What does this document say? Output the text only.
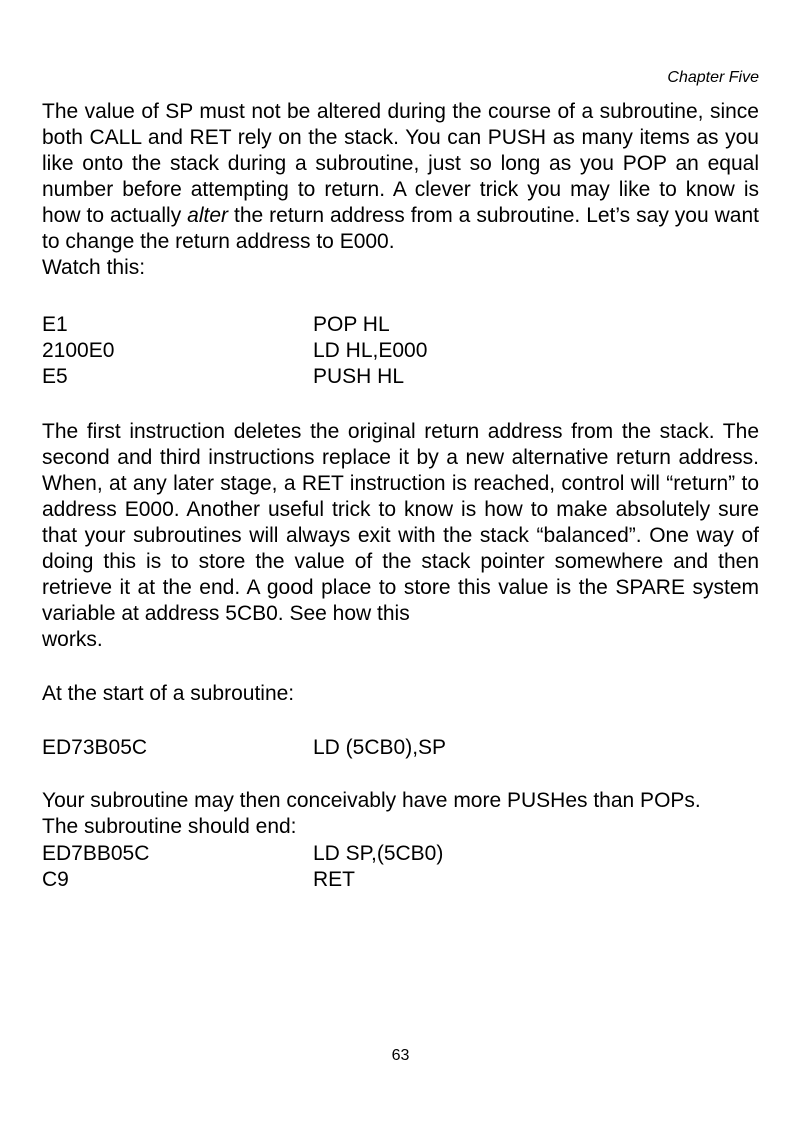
Chapter Five

The value of SP must not be altered during the course of a subroutine, since both CALL and RET rely on the stack. You can PUSH as many items as you like onto the stack during a subroutine, just so long as you POP an equal number before attempting to return. A clever trick you may like to know is how to actually alter the return address from a subroutine. Let’s say you want to change the return address to E000.
Watch this:

E1	POP HL
2100E0	LD HL,E000
E5	PUSH HL

The first instruction deletes the original return address from the stack. The second and third instructions replace it by a new alternative return address. When, at any later stage, a RET instruction is reached, control will “return” to address E000. Another useful trick to know is how to make absolutely sure that your subroutines will always exit with the stack “balanced”. One way of doing this is to store the value of the stack pointer somewhere and then retrieve it at the end. A good place to store this value is the SPARE system variable at address 5CB0. See how this
works.

At the start of a subroutine:

ED73B05C	LD (5CB0),SP

Your subroutine may then conceivably have more PUSHes than POPs.
The subroutine should end:

ED7BB05C	LD SP,(5CB0)
C9	RET
63
